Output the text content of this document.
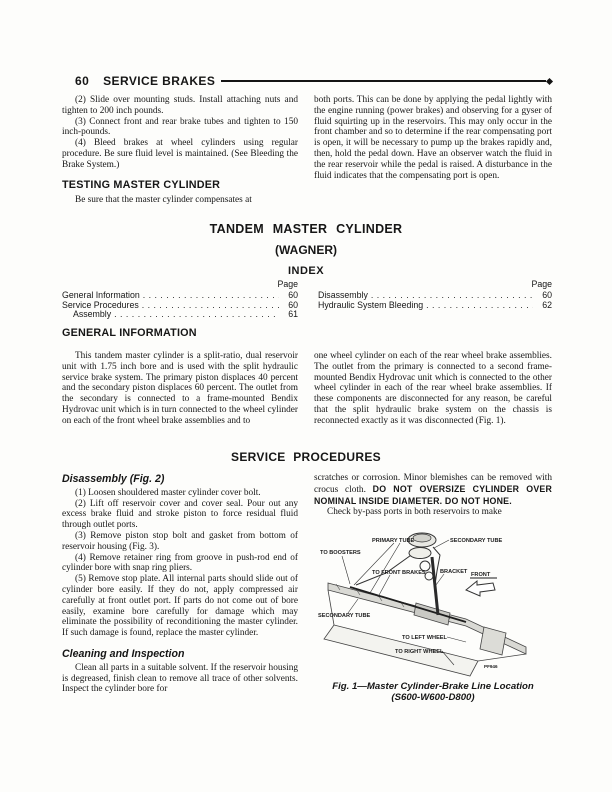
60 SERVICE BRAKES

(2) Slide over mounting studs. Install attaching nuts and tighten to 200 inch pounds.

(3) Connect front and rear brake tubes and tighten to 150 inch-pounds.

(4) Bleed brakes at wheel cylinders using regular procedure. Be sure fluid level is maintained. (See Bleeding the Brake System.)

TESTING MASTER CYLINDER

Be sure that the master cylinder compensates at

both ports. This can be done by applying the pedal lightly with the engine running (power brakes) and observing for a gyser of fluid squirting up in the reservoirs. This may only occur in the front chamber and so to determine if the rear compensating port is open, it will be necessary to pump up the brakes rapidly and, then, hold the pedal down. Have an observer watch the fluid in the rear reservoir while the pedal is raised. A disturbance in the fluid indicates that the compensating port is open.

TANDEM MASTER CYLINDER
(WAGNER)
INDEX
Page
General Information . . .	60
Service Procedures . . .	60
Assembly . . .	61
Page
Disassembly . . .	60
Hydraulic System Bleeding . . .	62

GENERAL INFORMATION

This tandem master cylinder is a split-ratio, dual reservoir unit with 1.75 inch bore and is used with the split hydraulic service brake system. The primary piston displaces 40 percent and the secondary piston displaces 60 percent. The outlet from the secondary is connected to a frame-mounted Bendix Hydrovac unit which is in turn connected to the wheel cylinder on each of the front wheel brake assemblies and to

one wheel cylinder on each of the rear wheel brake assemblies. The outlet from the primary is connected to a second frame-mounted Bendix Hydrovac unit which is connected to the other wheel cylinder in each of the rear wheel brake assemblies. If these components are disconnected for any reason, be careful that the split hydraulic brake system on the chassis is reconnected exactly as it was disconnected (Fig. 1).

SERVICE PROCEDURES

Disassembly (Fig. 2)

(1) Loosen shouldered master cylinder cover bolt.

(2) Lift off reservoir cover and cover seal. Pour out any excess brake fluid and stroke piston to force residual fluid through outlet ports.

(3) Remove piston stop bolt and gasket from bottom of reservoir housing (Fig. 3).

(4) Remove retainer ring from groove in push-rod end of cylinder bore with snap ring pliers.

(5) Remove stop plate. All internal parts should slide out of cylinder bore easily. If they do not, apply compressed air carefully at front outlet port. If parts do not come out of bore easily, examine bore carefully for damage which may eliminate the possibility of reconditioning the master cylinder. If such damage is found, replace the master cylinder.

Cleaning and Inspection

Clean all parts in a suitable solvent. If the reservoir housing is degreased, finish clean to remove all trace of other solvents. Inspect the cylinder bore for

scratches or corrosion. Minor blemishes can be removed with crocus cloth. DO NOT OVERSIZE CYLINDER OVER NOMINAL INSIDE DIAMETER. DO NOT HONE.

Check by-pass ports in both reservoirs to make

PRIMARY TUBE	SECONDARY TUBE
TO BOOSTERS
TO FRONT BRAKES	BRACKET FRONT
SECONDARY TUBE
TO LEFT WHEEL
TO RIGHT WHEEL
PF946
Fig. 1—Master Cylinder-Brake Line Location
(S600-W600-D800)
